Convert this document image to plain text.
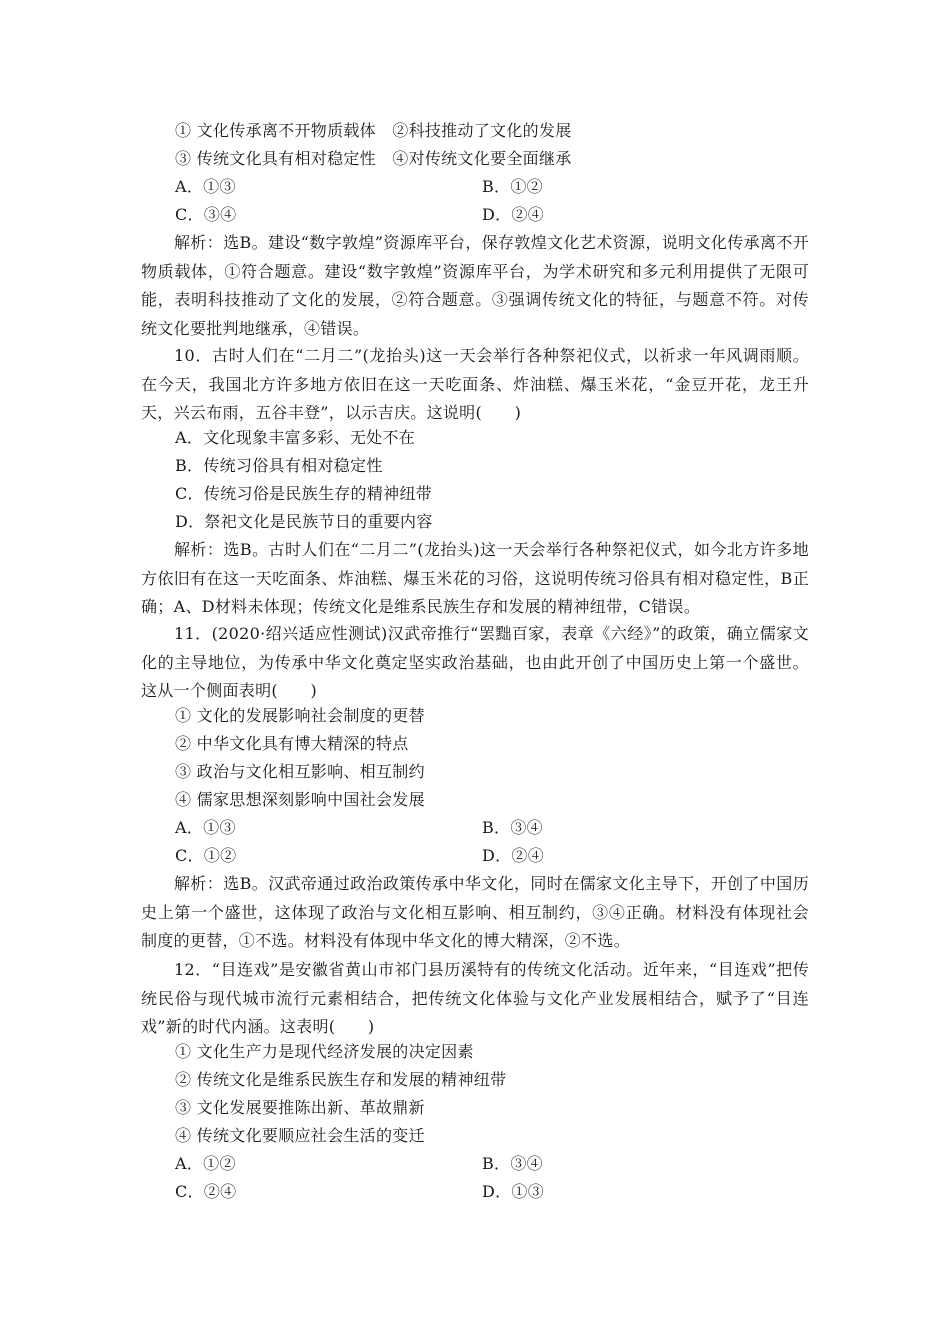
① 文化传承离不开物质载体　②科技推动了文化的发展
③ 传统文化具有相对稳定性　④对传统文化要全面继承
A．①③	B．①②
C．③④	D．②④
解析：选B。建设“数字敦煌”资源库平台，保存敦煌文化艺术资源，说明文化传承离不开物质载体，①符合题意。建设“数字敦煌”资源库平台，为学术研究和多元利用提供了无限可能，表明科技推动了文化的发展，②符合题意。③强调传统文化的特征，与题意不符。对传统文化要批判地继承，④错误。
10．古时人们在“二月二”(龙抬头)这一天会举行各种祭祀仪式，以祈求一年风调雨顺。在今天，我国北方许多地方依旧在这一天吃面条、炸油糕、爆玉米花，“金豆开花，龙王升天，兴云布雨，五谷丰登”，以示吉庆。这说明(　　)
A．文化现象丰富多彩、无处不在
B．传统习俗具有相对稳定性
C．传统习俗是民族生存的精神纽带
D．祭祀文化是民族节日的重要内容
解析：选B。古时人们在“二月二”(龙抬头)这一天会举行各种祭祀仪式，如今北方许多地方依旧有在这一天吃面条、炸油糕、爆玉米花的习俗，这说明传统习俗具有相对稳定性，B正确；A、D材料未体现；传统文化是维系民族生存和发展的精神纽带，C错误。
11．(2020·绍兴适应性测试)汉武帝推行“罢黜百家，表章《六经》”的政策，确立儒家文化的主导地位，为传承中华文化奠定坚实政治基础，也由此开创了中国历史上第一个盛世。这从一个侧面表明(　　)
① 文化的发展影响社会制度的更替
② 中华文化具有博大精深的特点
③ 政治与文化相互影响、相互制约
④ 儒家思想深刻影响中国社会发展
A．①③	B．③④
C．①②	D．②④
解析：选B。汉武帝通过政治政策传承中华文化，同时在儒家文化主导下，开创了中国历史上第一个盛世，这体现了政治与文化相互影响、相互制约，③④正确。材料没有体现社会制度的更替，①不选。材料没有体现中华文化的博大精深，②不选。
12．“目连戏”是安徽省黄山市祁门县历溪特有的传统文化活动。近年来，“目连戏”把传统民俗与现代城市流行元素相结合，把传统文化体验与文化产业发展相结合，赋予了“目连戏”新的时代内涵。这表明(　　)
① 文化生产力是现代经济发展的决定因素
② 传统文化是维系民族生存和发展的精神纽带
③ 文化发展要推陈出新、革故鼎新
④ 传统文化要顺应社会生活的变迁
A．①②	B．③④
C．②④	D．①③
